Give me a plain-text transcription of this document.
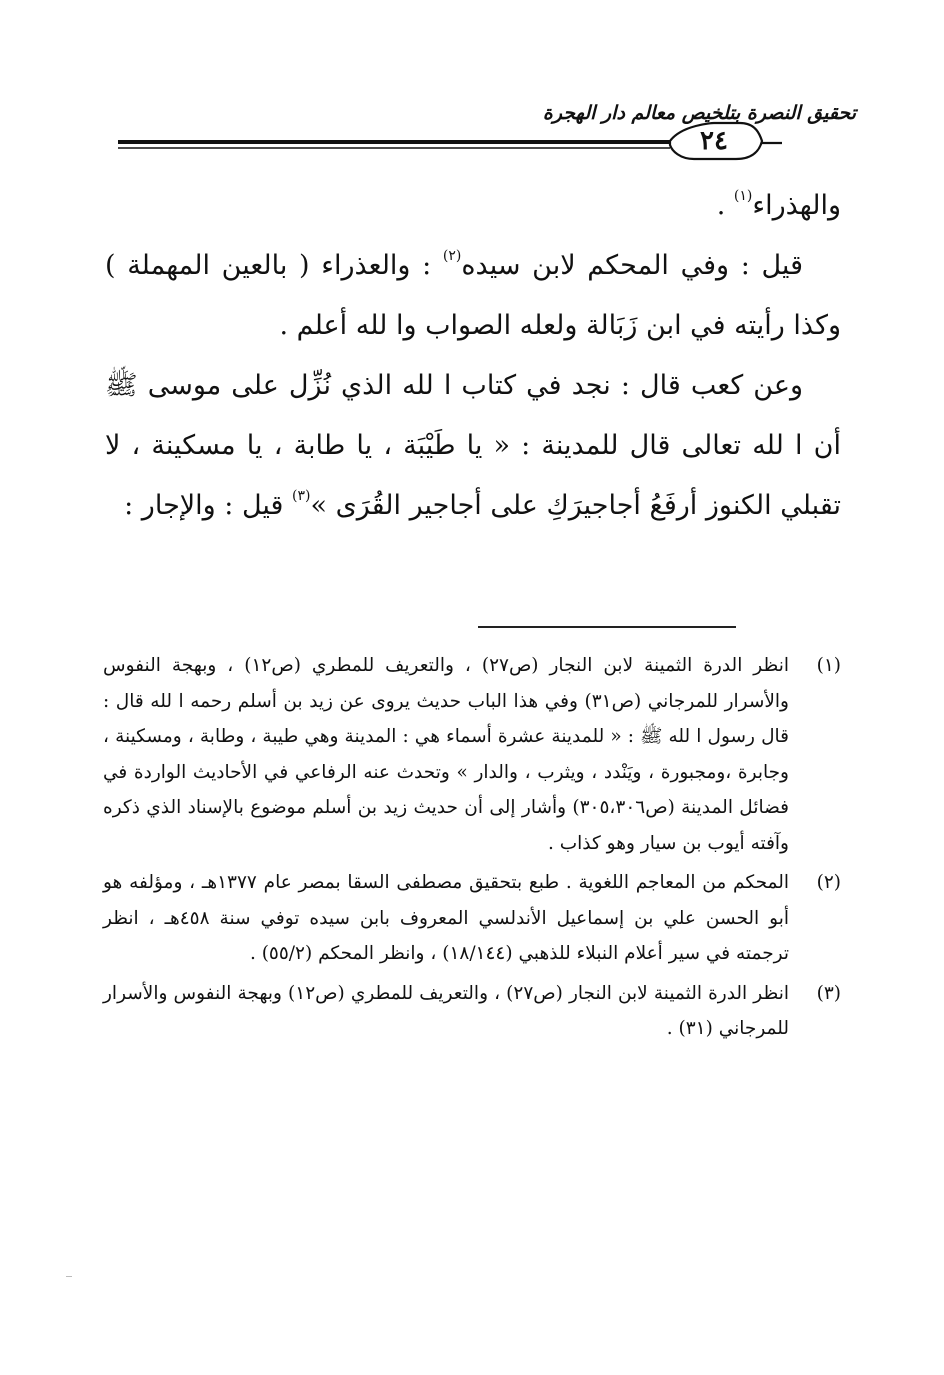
تحقيق النصرة بتلخيص معالم دار الهجرة
٢٤

والهذراء$^{(١)}$ .

قيل : وفي المحكم لابن سيده$^{(٢)}$ : والعذراء ( بالعين المهملة ) وكذا رأيته في ابن زَبَالة ولعله الصواب وا لله أعلم .

وعن كعب قال : نجد في كتاب ا لله الذي نُزِّل على موسى ﷺ أن ا لله تعالى قال للمدينة : « يا طَيْبَة ، يا طابة ، يا مسكينة ، لا تقبلي الكنوز أرفَعُ أجاجيرَكِ على أجاجير القُرَى »$^{(٣)}$ قيل : والإجار :

(١)
انظر الدرة الثمينة لابن النجار (ص٢٧) ، والتعريف للمطري (ص١٢) ، وبهجة النفوس والأسرار للمرجاني (ص٣١) وفي هذا الباب حديث يروى عن زيد بن أسلم رحمه ا لله قال : قال رسول ا لله ﷺ : « للمدينة عشرة أسماء هي : المدينة وهي طيبة ، وطابة ، ومسكينة ، وجابرة ،ومجبورة ، ويَنْدد ، ويثرب ، والدار » وتحدث عنه الرفاعي في الأحاديث الواردة في فضائل المدينة (ص٣٠٥،٣٠٦) وأشار إلى أن حديث زيد بن أسلم موضوع بالإسناد الذي ذكره وآفته أيوب بن سيار وهو كذاب .
(٢)
المحكم من المعاجم اللغوية . طبع بتحقيق مصطفى السقا بمصر عام ١٣٧٧هـ ، ومؤلفه هو أبو الحسن علي بن إسماعيل الأندلسي المعروف بابن سيده توفي سنة ٤٥٨هـ ، انظر ترجمته في سير أعلام النبلاء للذهبي (١٨/١٤٤) ، وانظر المحكم (٥٥/٢) .
(٣)
انظر الدرة الثمينة لابن النجار (ص٢٧) ، والتعريف للمطري (ص١٢) وبهجة النفوس والأسرار للمرجاني (٣١) .
